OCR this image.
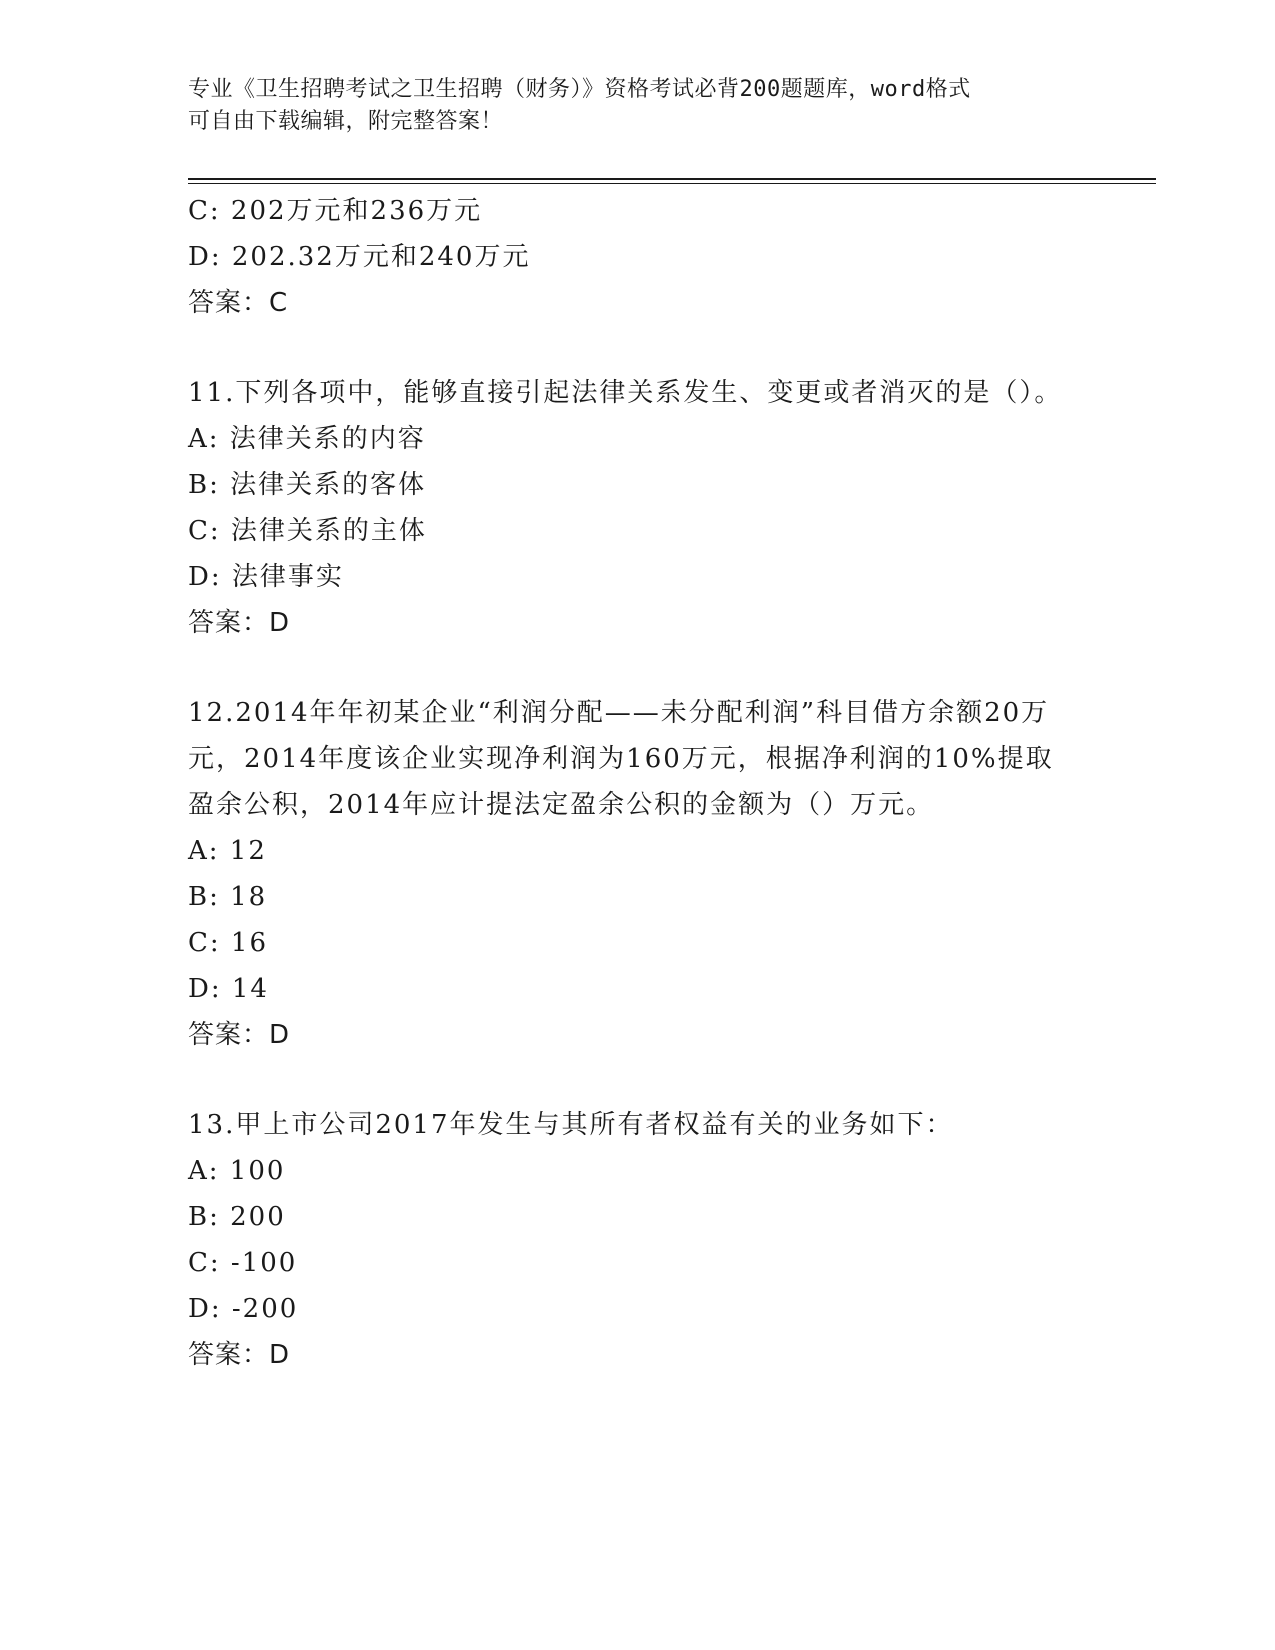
专业《卫生招聘考试之卫生招聘（财务）》资格考试必背200题题库，word格式
可自由下载编辑，附完整答案！
C: 202万元和236万元
D: 202.32万元和240万元
答案：C
11.下列各项中，能够直接引起法律关系发生、变更或者消灭的是（）。
A: 法律关系的内容
B: 法律关系的客体
C: 法律关系的主体
D: 法律事实
答案：D
12.2014年年初某企业“利润分配——未分配利润”科目借方余额20万元，2014年度该企业实现净利润为160万元，根据净利润的10%提取盈余公积，2014年应计提法定盈余公积的金额为（）万元。
A: 12
B: 18
C: 16
D: 14
答案：D
13.甲上市公司2017年发生与其所有者权益有关的业务如下：
A: 100
B: 200
C: -100
D: -200
答案：D
